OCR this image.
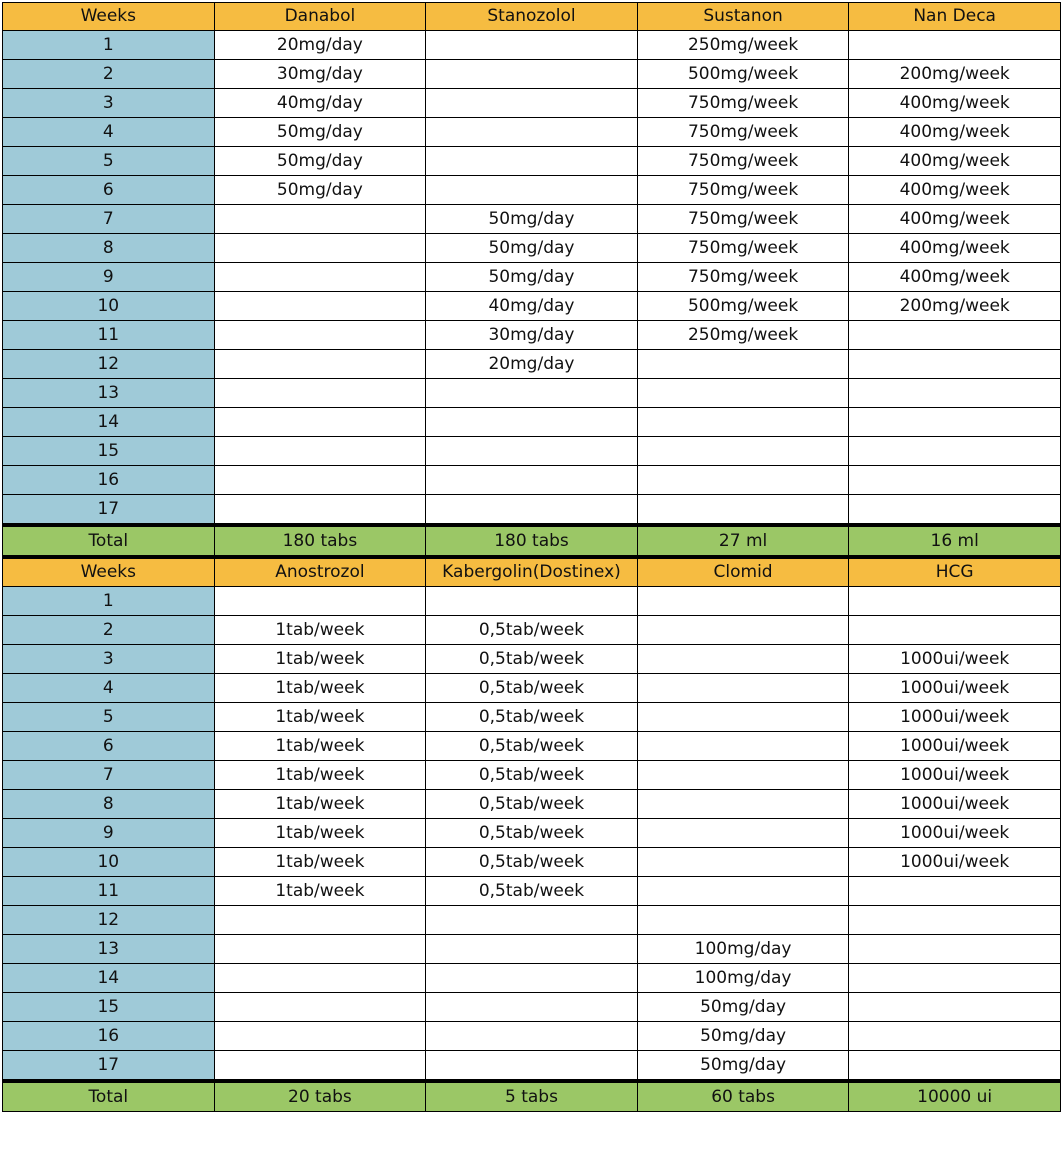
Weeks	Danabol	Stanozolol	Sustanon	Nan Deca
1	20mg/day		250mg/week	
2	30mg/day		500mg/week	200mg/week
3	40mg/day		750mg/week	400mg/week
4	50mg/day		750mg/week	400mg/week
5	50mg/day		750mg/week	400mg/week
6	50mg/day		750mg/week	400mg/week
7		50mg/day	750mg/week	400mg/week
8		50mg/day	750mg/week	400mg/week
9		50mg/day	750mg/week	400mg/week
10		40mg/day	500mg/week	200mg/week
11		30mg/day	250mg/week	
12		20mg/day		
13				
14				
15				
16				
17				
Total	180 tabs	180 tabs	27 ml	16 ml
Weeks	Anostrozol	Kabergolin(Dostinex)	Clomid	HCG
1				
2	1tab/week	0,5tab/week		
3	1tab/week	0,5tab/week		1000ui/week
4	1tab/week	0,5tab/week		1000ui/week
5	1tab/week	0,5tab/week		1000ui/week
6	1tab/week	0,5tab/week		1000ui/week
7	1tab/week	0,5tab/week		1000ui/week
8	1tab/week	0,5tab/week		1000ui/week
9	1tab/week	0,5tab/week		1000ui/week
10	1tab/week	0,5tab/week		1000ui/week
11	1tab/week	0,5tab/week		
12				
13			100mg/day	
14			100mg/day	
15			50mg/day	
16			50mg/day	
17			50mg/day	
Total	20 tabs	5 tabs	60 tabs	10000 ui
